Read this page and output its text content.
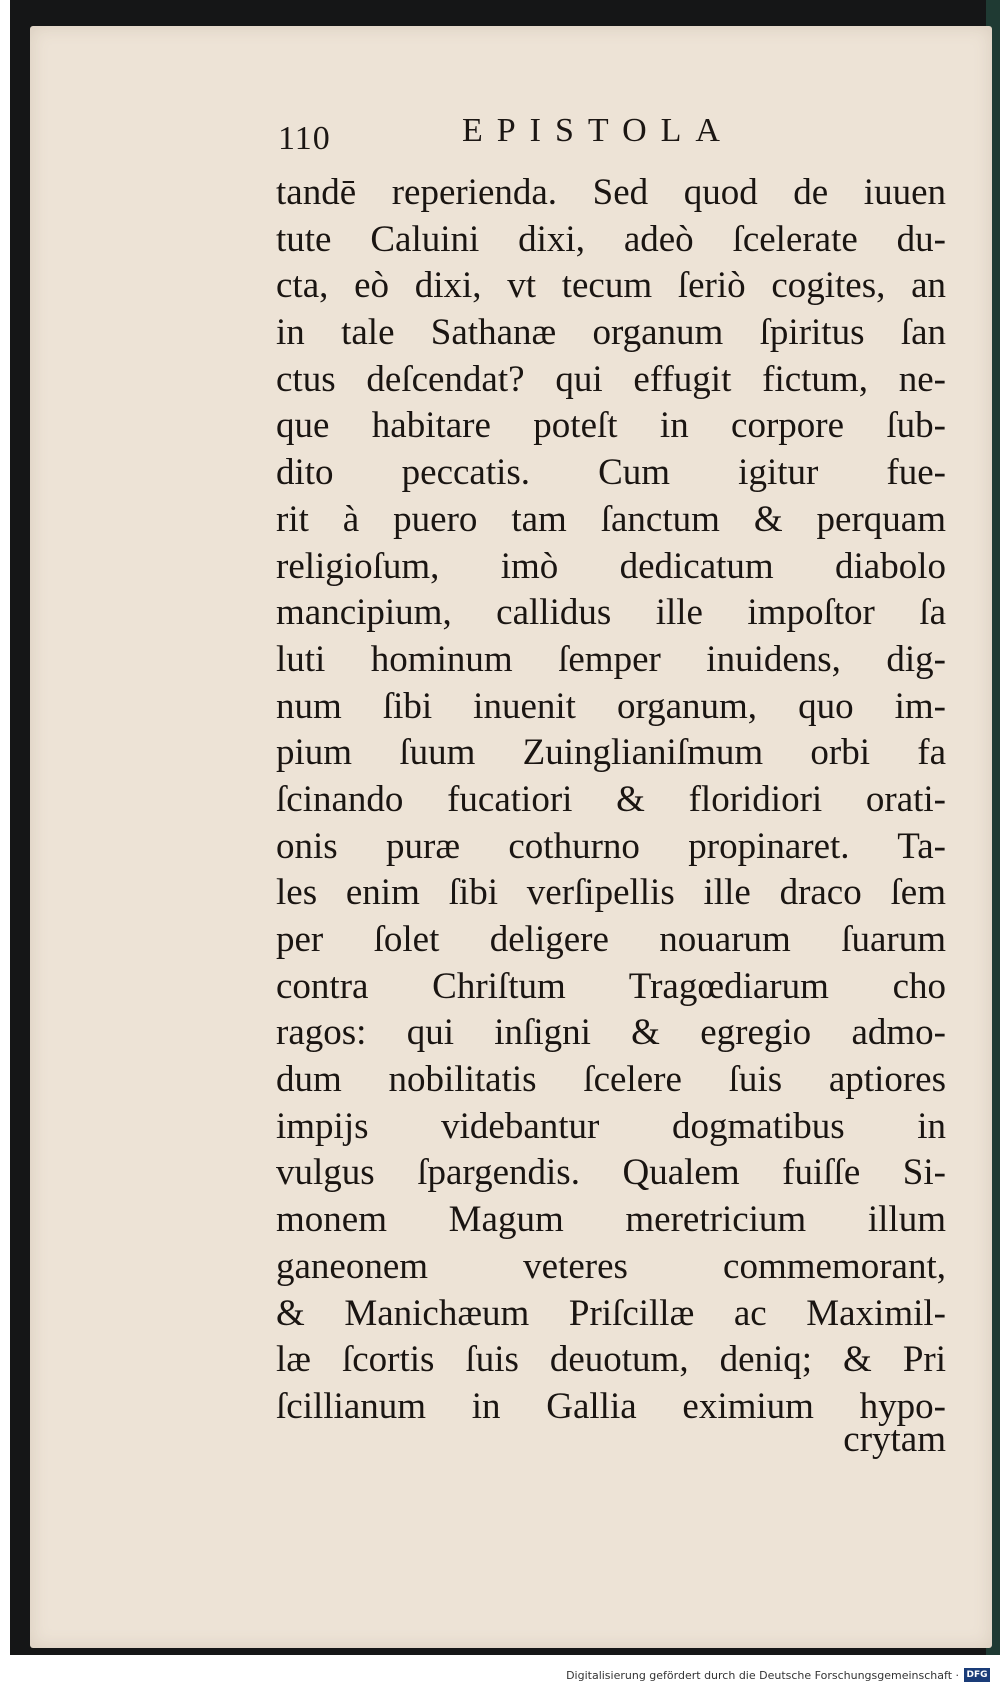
110	EPISTOLA
tandē reperienda. Sed quod de iuuen
tute Caluini dixi, adeò ſcelerate du-
cta, eò dixi, vt tecum ſeriò cogites, an
in tale Sathanæ organum ſpiritus ſan
ctus deſcendat? qui effugit fictum, ne-
que habitare poteſt in corpore ſub-
dito peccatis. Cum igitur fue-
rit à puero tam ſanctum & perquam
religioſum, imò dedicatum diabolo
mancipium, callidus ille impoſtor ſa
luti hominum ſemper inuidens, dig-
num ſibi inuenit organum, quo im-
pium ſuum Zuinglianiſmum orbi fa
ſcinando fucatiori & floridiori orati-
onis puræ cothurno propinaret. Ta-
les enim ſibi verſipellis ille draco ſem
per ſolet deligere nouarum ſuarum
contra Chriſtum Tragœdiarum cho
ragos: qui inſigni & egregio admo-
dum nobilitatis ſcelere ſuis aptiores
impijs videbantur dogmatibus in
vulgus ſpargendis. Qualem fuiſſe Si-
monem Magum meretricium illum
ganeonem veteres commemorant,
& Manichæum Priſcillæ ac Maximil-
læ ſcortis ſuis deuotum, deniq; & Pri
ſcillianum in Gallia eximium hypo-
crytam
Digitalisierung gefördert durch die Deutsche Forschungsgemeinschaft · DFG
